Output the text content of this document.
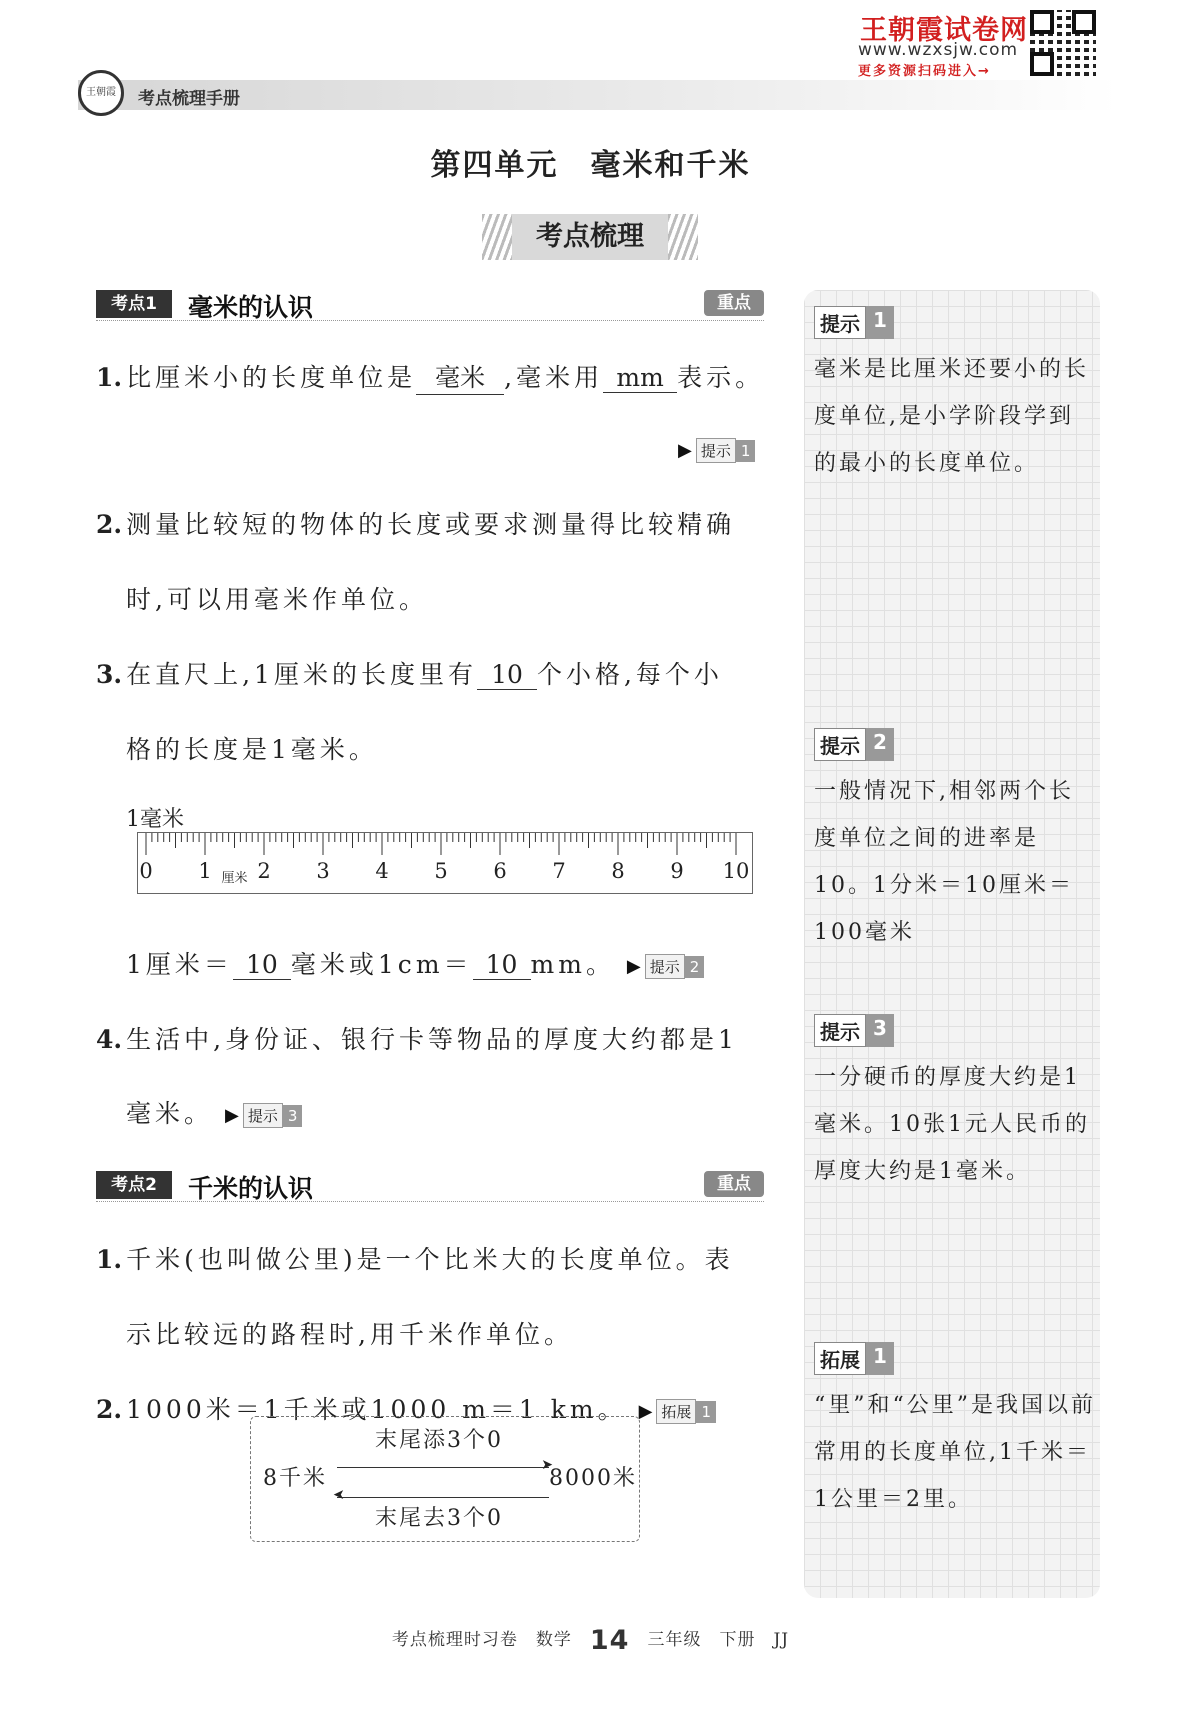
王朝霞	考点梳理手册
王朝霞试卷网
www.wzxsjw.com
更多资源扫码进入→
第四单元　毫米和千米
考点梳理
考点1	毫米的认识	重点
1. 比厘米小的长度单位是 毫米 ,毫米用 mm 表示。
▶ 提示 1
2. 测量比较短的物体的长度或要求测量得比较精确
时,可以用毫米作单位。
3. 在直尺上,1厘米的长度里有 10 个小格,每个小
格的长度是1毫米。
1毫米
0 1 2 3 4 5 6 7 8 9 10
厘米
1厘米＝ 10 毫米或1cm＝ 10 mm。 ▶ 提示 2
4. 生活中,身份证、银行卡等物品的厚度大约都是1
毫米。 ▶ 提示 3
考点2	千米的认识	重点
1. 千米(也叫做公里)是一个比米大的长度单位。表
示比较远的路程时,用千米作单位。
2. 1000米＝1千米或1000 m＝1 km。 ▶ 拓展 1
8千米	8000米
末尾添3个0
末尾去3个0
➤
➤
提示 1
毫米是比厘米还要小的长度单位,是小学阶段学到的最小的长度单位。
提示 2
一般情况下,相邻两个长度单位之间的进率是10。1分米＝10厘米＝100毫米
提示 3
一分硬币的厚度大约是1毫米。10张1元人民币的厚度大约是1毫米。
拓展 1
“里”和“公里”是我国以前常用的长度单位,1千米＝1公里＝2里。
考点梳理时习卷　数学 14 三年级　下册　JJ
